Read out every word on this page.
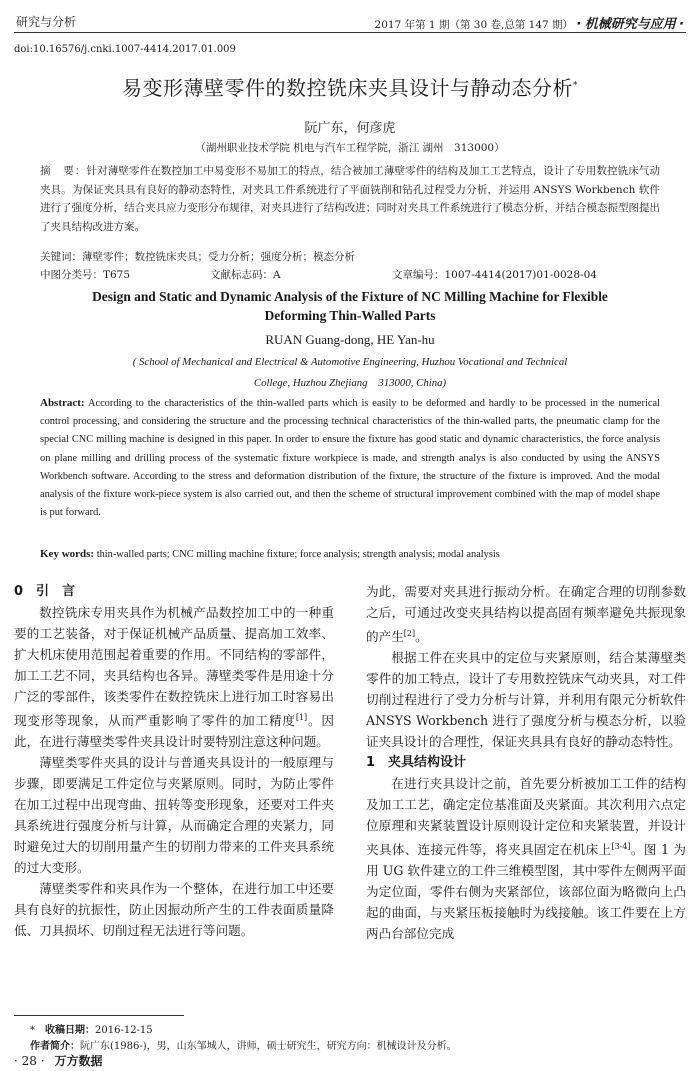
研究与分析	2017 年第 1 期（第 30 卷,总第 147 期） · 机械研究与应用 ·
doi:10.16576/j.cnki.1007-4414.2017.01.009
易变形薄壁零件的数控铣床夹具设计与静动态分析*
阮广东，何彦虎
（湖州职业技术学院 机电与汽车工程学院，浙江 湖州　313000）
摘　要：针对薄壁零件在数控加工中易变形不易加工的特点，结合被加工薄壁零件的结构及加工工艺特点，设计了专用数控铣床气动夹具。为保证夹具具有良好的静动态特性，对夹具工件系统进行了平面铣削和钻孔过程受力分析，并运用 ANSYS Workbench 软件进行了强度分析，结合夹具应力变形分布规律，对夹具进行了结构改进；同时对夹具工件系统进行了模态分析，并结合模态振型图提出了夹具结构改进方案。
关键词：薄壁零件；数控铣床夹具；受力分析；强度分析；模态分析
中图分类号：T675	文献标志码：A	文章编号：1007-4414(2017)01-0028-04
Design and Static and Dynamic Analysis of the Fixture of NC Milling Machine for Flexible Deforming Thin-Walled Parts
RUAN Guang-dong, HE Yan-hu
( School of Mechanical and Electrical & Automotive Engineering, Huzhou Vocational and Technical College, Huzhou Zhejiang　313000, China)
Abstract: According to the characteristics of the thin-walled parts which is easily to be deformed and hardly to be processed in the numerical control processing, and considering the structure and the processing technical characteristics of the thin-walled parts, the pneumatic clamp for the special CNC milling machine is designed in this paper. In order to ensure the fixture has good static and dynamic characteristics, the force analysis on plane milling and drilling process of the systematic fixture workpiece is made, and strength analys is also conducted by using the ANSYS Workbench software. According to the stress and deformation distribution of the fixture, the structure of the fixture is improved. And the modal analysis of the fixture work-piece system is also carried out, and then the scheme of structural improvement combined with the map of model shape is put forward.
Key words: thin-walled parts; CNC milling machine fixture; force analysis; strength analysis; modal analysis

0　引　言

数控铣床专用夹具作为机械产品数控加工中的一种重要的工艺装备，对于保证机械产品质量、提高加工效率、扩大机床使用范围起着重要的作用。不同结构的零部件，加工工艺不同，夹具结构也各异。薄壁类零件是用途十分广泛的零部件，该类零件在数控铣床上进行加工时容易出现变形等现象，从而严重影响了零件的加工精度[1]。因此，在进行薄壁类零件夹具设计时要特别注意这种问题。

薄壁类零件夹具的设计与普通夹具设计的一般原理与步骤，即要满足工件定位与夹紧原则。同时，为防止零件在加工过程中出现弯曲、扭转等变形现象，还要对工件夹具系统进行强度分析与计算，从而确定合理的夹紧力，同时避免过大的切削用量产生的切削力带来的工件夹具系统的过大变形。

薄壁类零件和夹具作为一个整体，在进行加工中还要具有良好的抗振性，防止因振动所产生的工件表面质量降低、刀具损坏、切削过程无法进行等问题。

为此，需要对夹具进行振动分析。在确定合理的切削参数之后，可通过改变夹具结构以提高固有频率避免共振现象的产生[2]。

根据工件在夹具中的定位与夹紧原则，结合某薄壁类零件的加工特点，设计了专用数控铣床气动夹具，对工件切削过程进行了受力分析与计算，并利用有限元分析软件 ANSYS Workbench 进行了强度分析与模态分析，以验证夹具设计的合理性，保证夹具具有良好的静动态特性。

1　夹具结构设计

在进行夹具设计之前，首先要分析被加工工件的结构及加工工艺，确定定位基准面及夹紧面。其次利用六点定位原理和夹紧装置设计原则设计定位和夹紧装置，并设计夹具体、连接元件等，将夹具固定在机床上[3-4]。图 1 为用 UG 软件建立的工件三维模型图，其中零件左侧两平面为定位面，零件右侧为夹紧部位，该部位面为略微向上凸起的曲面，与夹紧压板接触时为线接触。该工件要在上方两凸台部位完成

*　 收稿日期：2016-12-15
作者简介：阮广东(1986-)，男，山东邹城人，讲师，硕士研究生，研究方向：机械设计及分析。
· 28 · 万方数据
